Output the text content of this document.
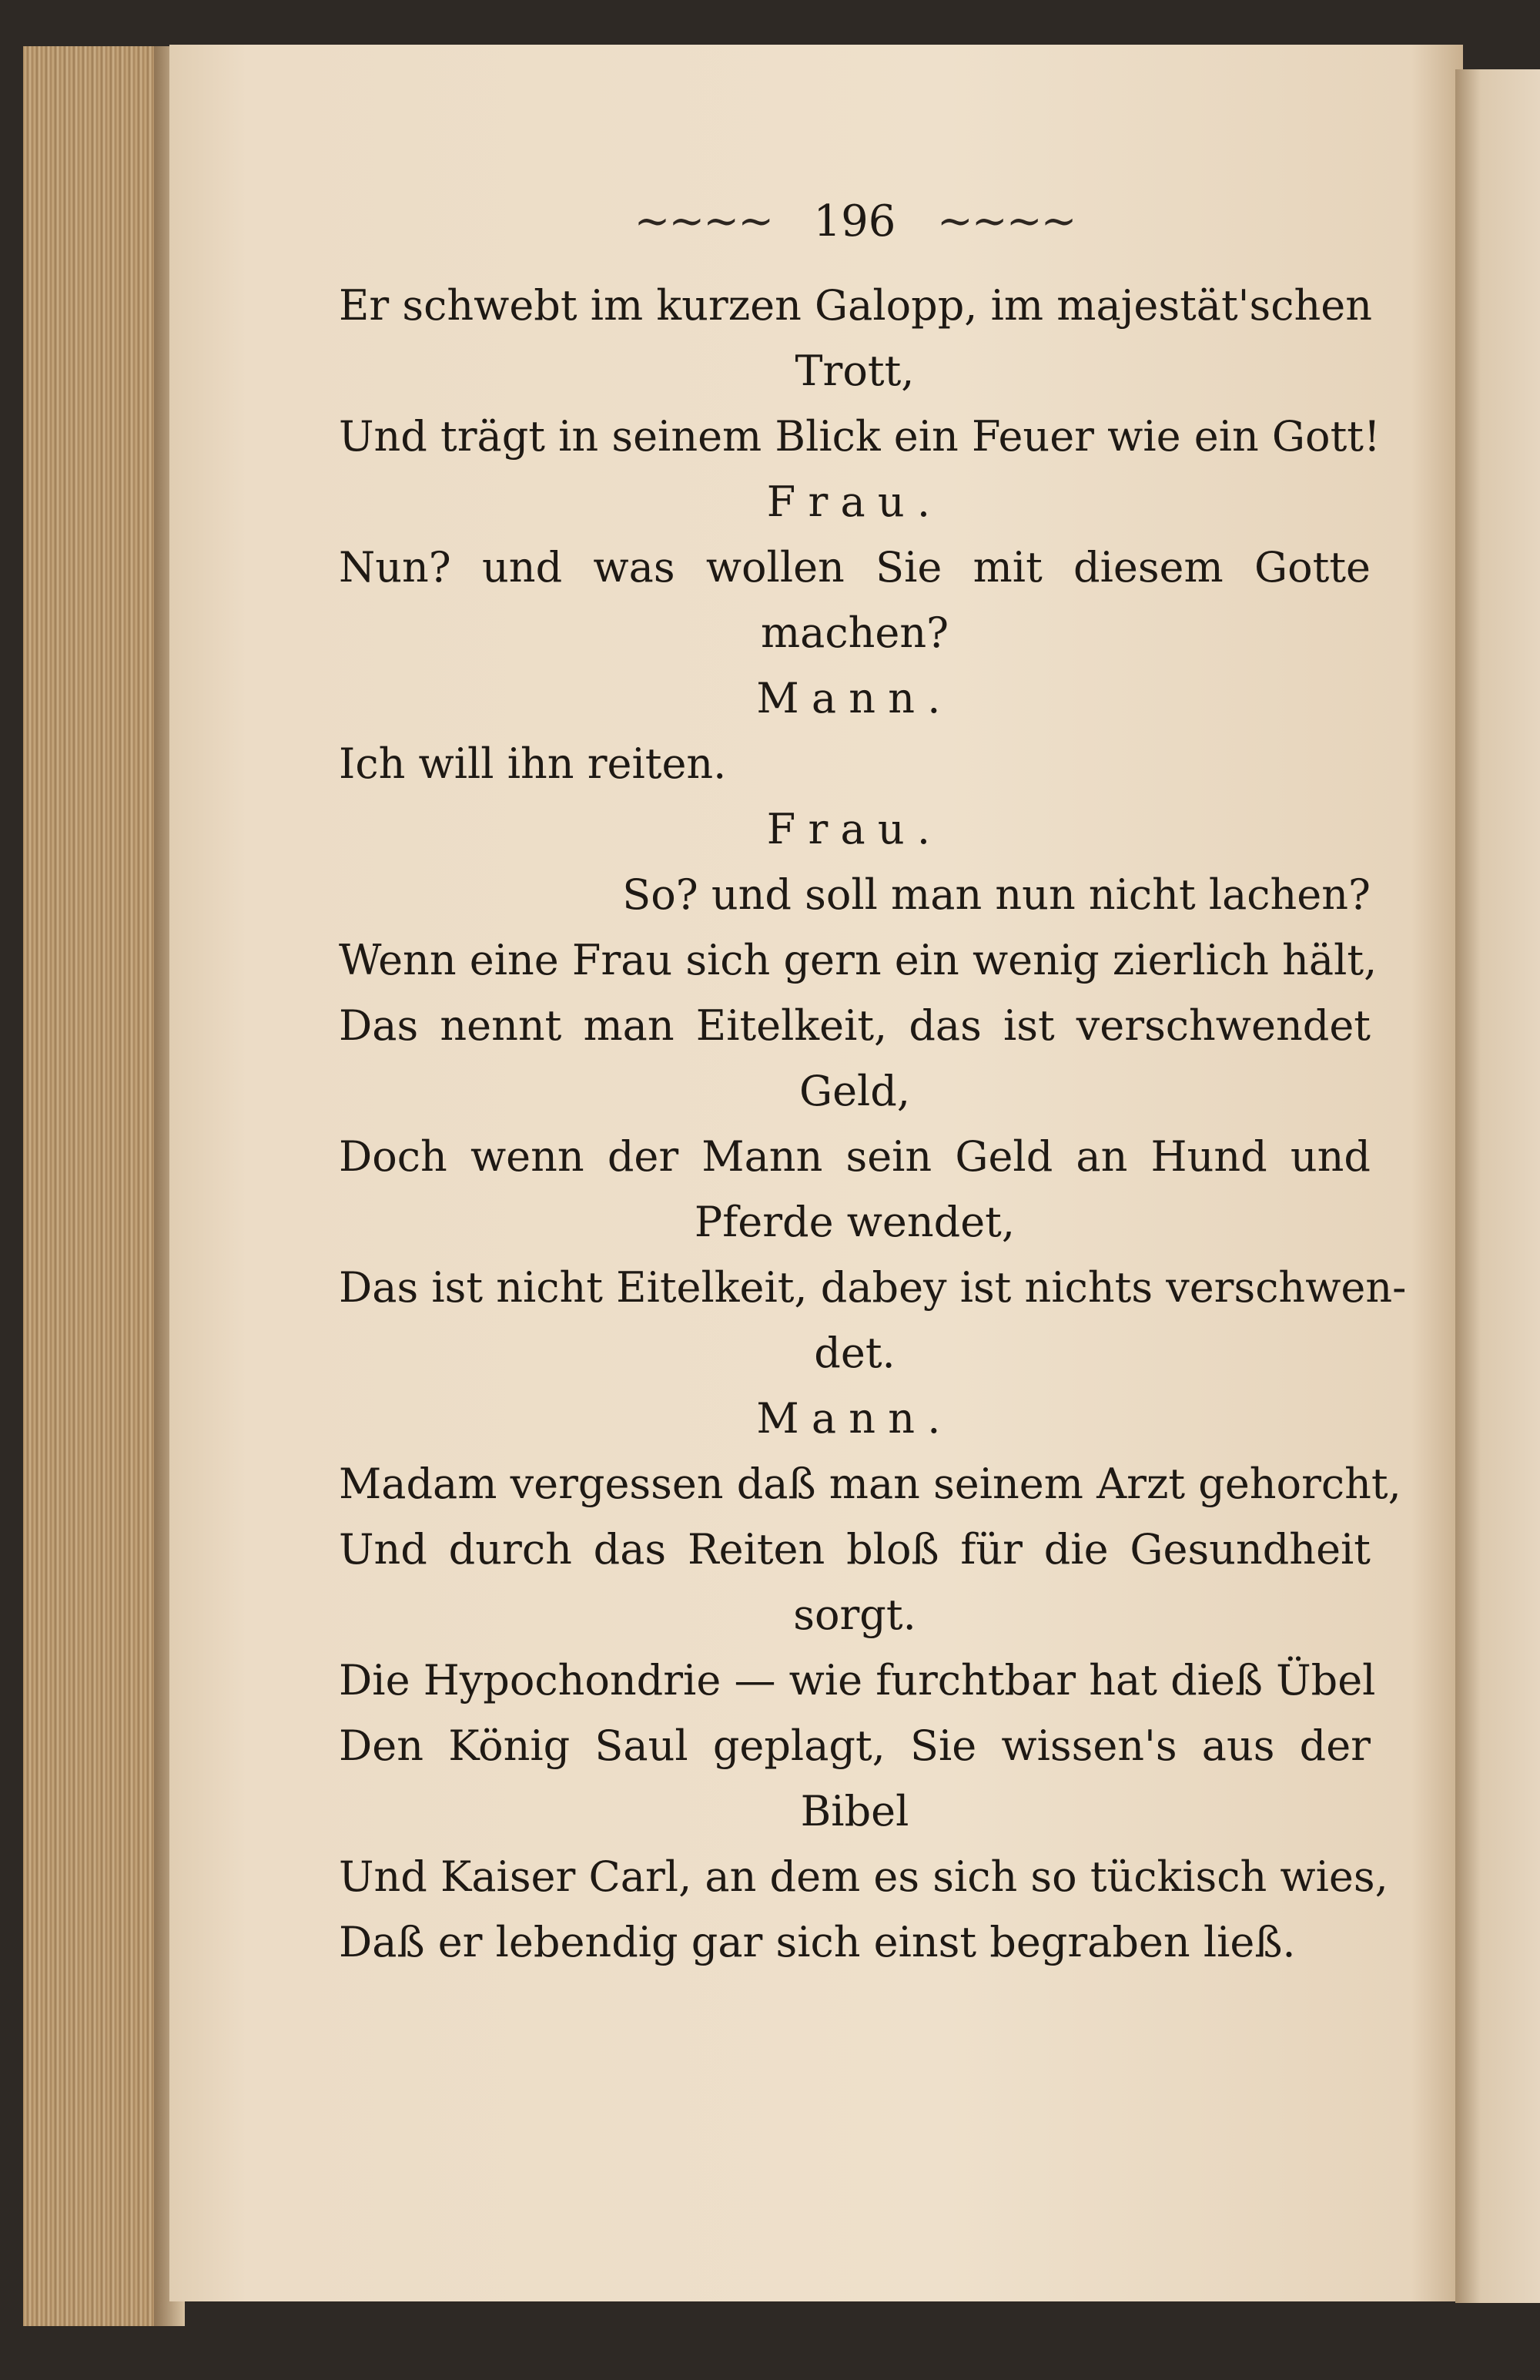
~~~~ 196 ~~~~
Er schwebt im kurzen Galopp, im majestät'schen
Trott,
Und trägt in seinem Blick ein Feuer wie ein Gott!
Frau.
Nun? und was wollen Sie mit diesem Gotte
machen?
Mann.
Ich will ihn reiten.
Frau.
So? und soll man nun nicht lachen?
Wenn eine Frau sich gern ein wenig zierlich hält,
Das nennt man Eitelkeit, das ist verschwendet
Geld,
Doch wenn der Mann sein Geld an Hund und
Pferde wendet,
Das ist nicht Eitelkeit, dabey ist nichts verschwen-
det.
Mann.
Madam vergessen daß man seinem Arzt gehorcht,
Und durch das Reiten bloß für die Gesundheit
sorgt.
Die Hypochondrie — wie furchtbar hat dieß Übel
Den König Saul geplagt, Sie wissen's aus der
Bibel
Und Kaiser Carl, an dem es sich so tückisch wies,
Daß er lebendig gar sich einst begraben ließ.
